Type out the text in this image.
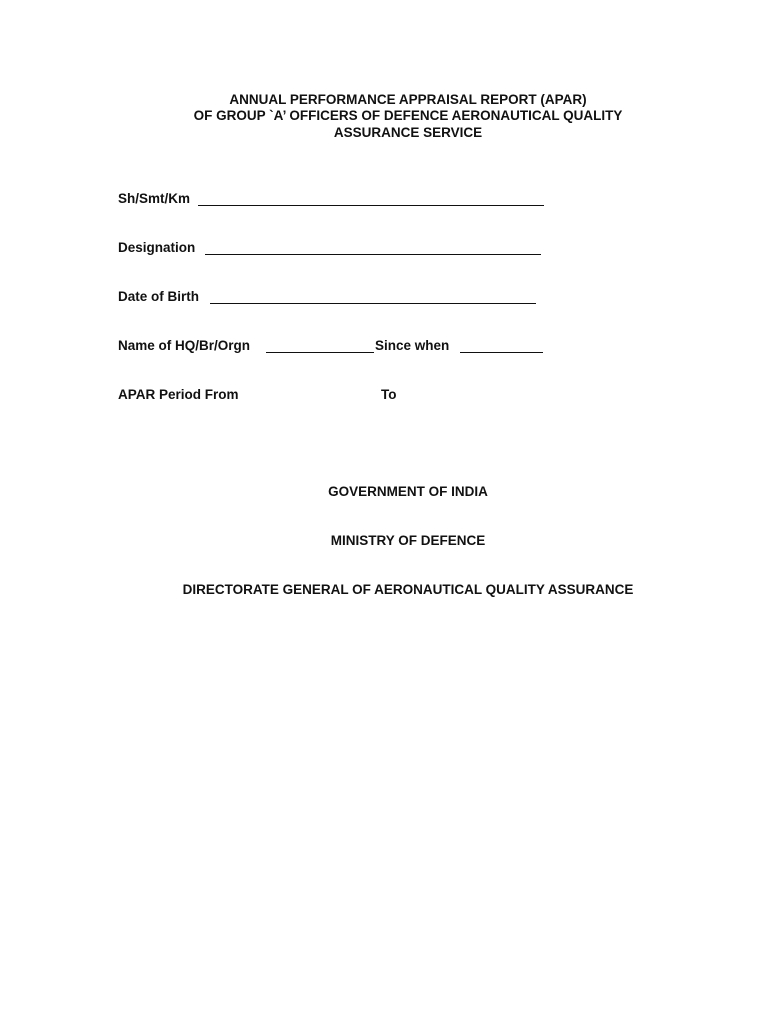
ANNUAL PERFORMANCE APPRAISAL REPORT (APAR)
OF GROUP `A’ OFFICERS OF DEFENCE AERONAUTICAL QUALITY
ASSURANCE SERVICE
Sh/Smt/Km
Designation
Date of Birth
Name of HQ/Br/Orgn	Since when
APAR Period From	To
GOVERNMENT OF INDIA
MINISTRY OF DEFENCE
DIRECTORATE GENERAL OF AERONAUTICAL QUALITY ASSURANCE
